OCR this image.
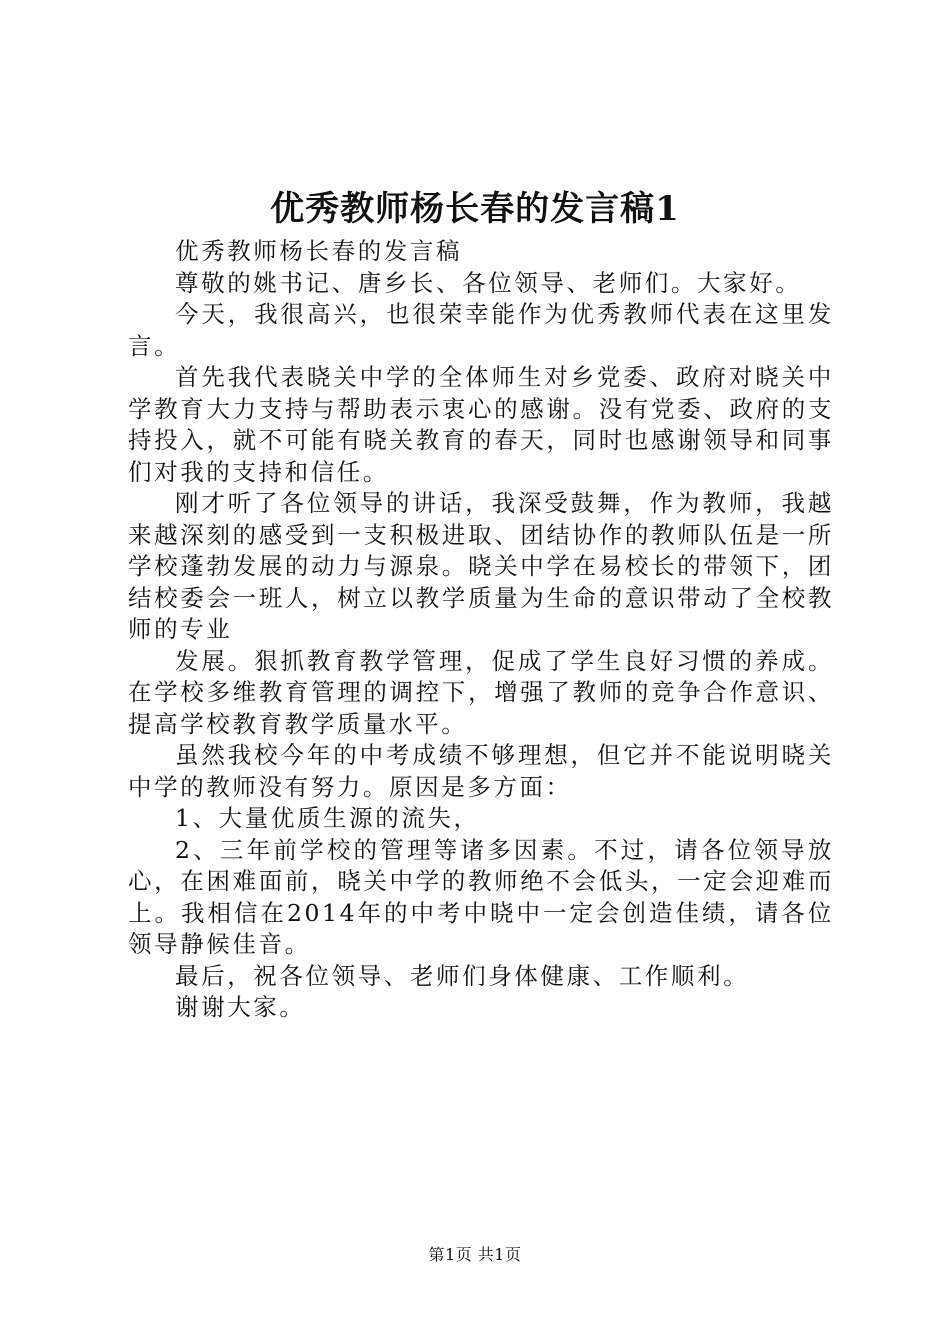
优秀教师杨长春的发言稿1

优秀教师杨长春的发言稿

尊敬的姚书记、唐乡长、各位领导、老师们。大家好。

今天，我很高兴，也很荣幸能作为优秀教师代表在这里发言。

首先我代表晓关中学的全体师生对乡党委、政府对晓关中学教育大力支持与帮助表示衷心的感谢。没有党委、政府的支持投入，就不可能有晓关教育的春天，同时也感谢领导和同事们对我的支持和信任。

刚才听了各位领导的讲话，我深受鼓舞，作为教师，我越来越深刻的感受到一支积极进取、团结协作的教师队伍是一所学校蓬勃发展的动力与源泉。晓关中学在易校长的带领下，团结校委会一班人，树立以教学质量为生命的意识带动了全校教师的专业

发展。狠抓教育教学管理，促成了学生良好习惯的养成。在学校多维教育管理的调控下，增强了教师的竞争合作意识、提高学校教育教学质量水平。

虽然我校今年的中考成绩不够理想，但它并不能说明晓关中学的教师没有努力。原因是多方面：

1、大量优质生源的流失，

2、三年前学校的管理等诸多因素。不过，请各位领导放心，在困难面前，晓关中学的教师绝不会低头，一定会迎难而上。我相信在2014年的中考中晓中一定会创造佳绩，请各位领导静候佳音。

最后，祝各位领导、老师们身体健康、工作顺利。

谢谢大家。

第1页 共1页
